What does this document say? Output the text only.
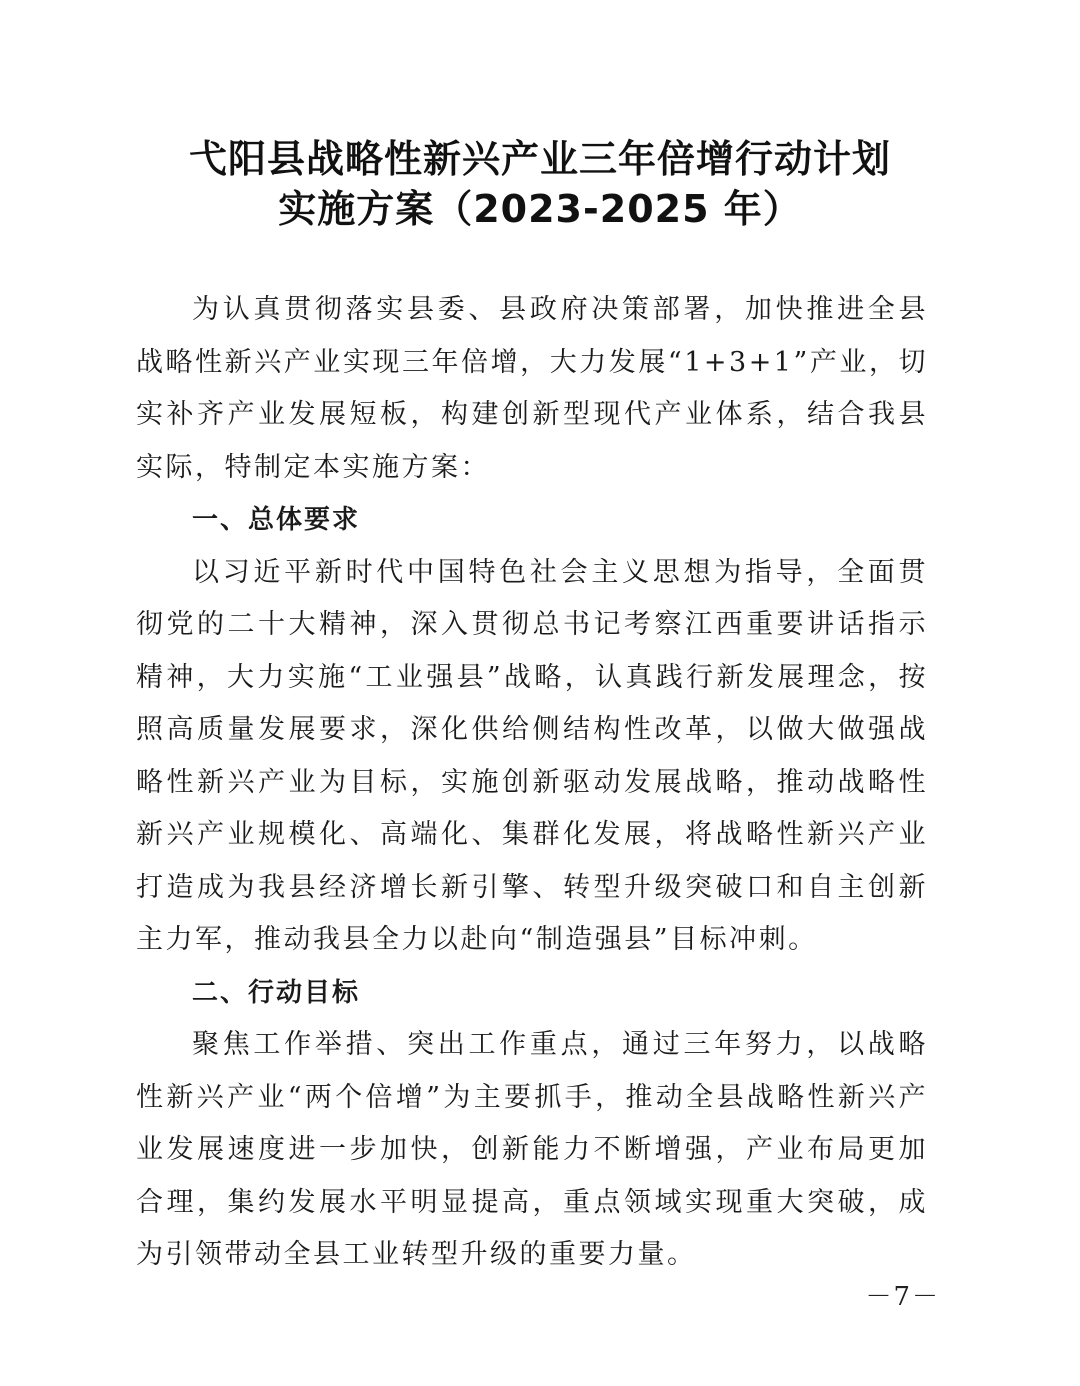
弋阳县战略性新兴产业三年倍增行动计划
实施方案（2023-2025 年）

为认真贯彻落实县委、县政府决策部署，加快推进全县战略性新兴产业实现三年倍增，大力发展“1+3+1”产业，切实补齐产业发展短板，构建创新型现代产业体系，结合我县实际，特制定本实施方案：

一、总体要求

以习近平新时代中国特色社会主义思想为指导，全面贯彻党的二十大精神，深入贯彻总书记考察江西重要讲话指示精神，大力实施“工业强县”战略，认真践行新发展理念，按照高质量发展要求，深化供给侧结构性改革，以做大做强战略性新兴产业为目标，实施创新驱动发展战略，推动战略性新兴产业规模化、高端化、集群化发展，将战略性新兴产业打造成为我县经济增长新引擎、转型升级突破口和自主创新主力军，推动我县全力以赴向“制造强县”目标冲刺。

二、行动目标

聚焦工作举措、突出工作重点，通过三年努力，以战略性新兴产业“两个倍增”为主要抓手，推动全县战略性新兴产业发展速度进一步加快，创新能力不断增强，产业布局更加合理，集约发展水平明显提高，重点领域实现重大突破，成为引领带动全县工业转型升级的重要力量。

－7－
